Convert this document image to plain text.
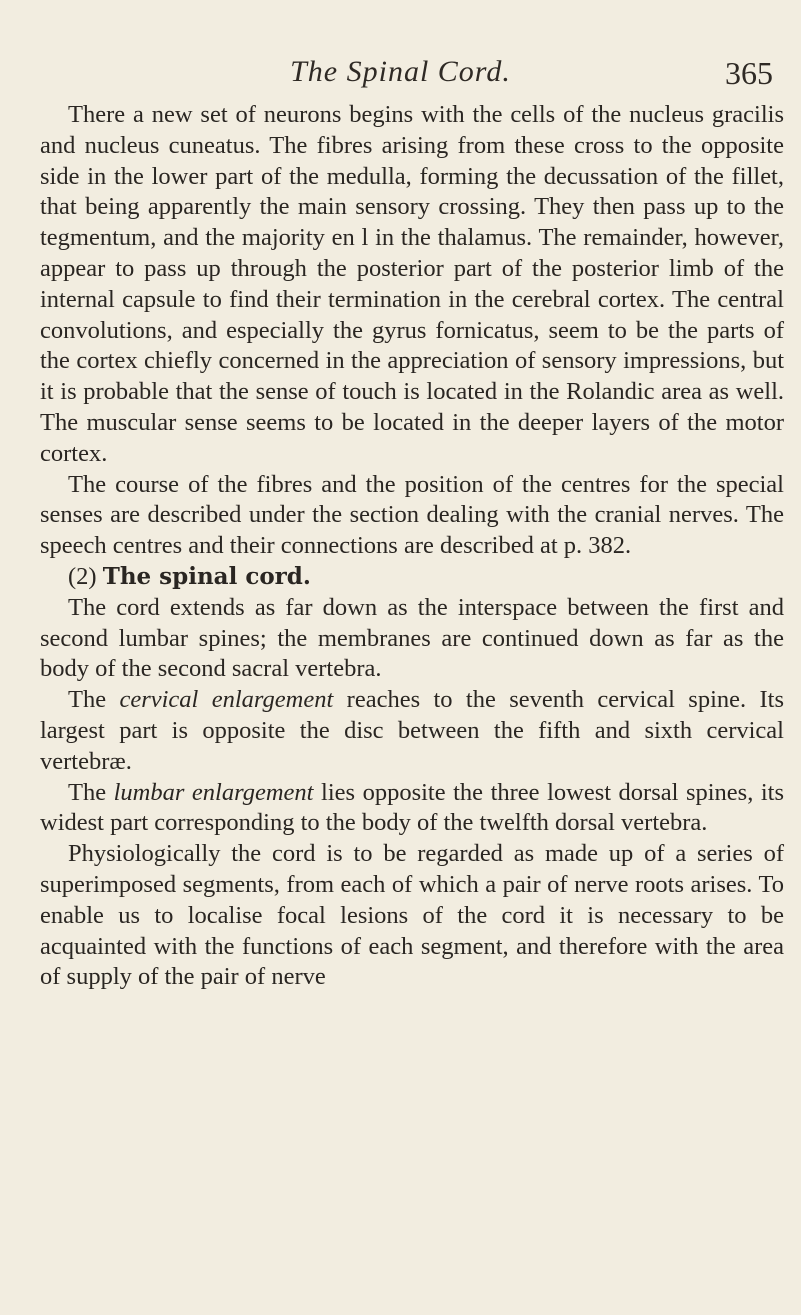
The Spinal Cord.	365

There a new set of neurons begins with the cells of the nucleus gracilis and nucleus cuneatus. The fibres arising from these cross to the opposite side in the lower part of the medulla, forming the decussation of the fillet, that being apparently the main sensory crossing. They then pass up to the tegmentum, and the majority en l in the thalamus. The remainder, however, appear to pass up through the posterior part of the posterior limb of the internal capsule to find their termination in the cerebral cortex. The central convolutions, and especially the gyrus fornicatus, seem to be the parts of the cortex chiefly concerned in the appreciation of sensory impressions, but it is probable that the sense of touch is located in the Rolandic area as well. The muscular sense seems to be located in the deeper layers of the motor cortex.

The course of the fibres and the position of the centres for the special senses are described under the section dealing with the cranial nerves. The speech centres and their connections are described at p. 382.

(2) The spinal cord.

The cord extends as far down as the interspace between the first and second lumbar spines; the membranes are continued down as far as the body of the second sacral vertebra.

The cervical enlargement reaches to the seventh cervical spine. Its largest part is opposite the disc between the fifth and sixth cervical vertebræ.

The lumbar enlargement lies opposite the three lowest dorsal spines, its widest part corresponding to the body of the twelfth dorsal vertebra.

Physiologically the cord is to be regarded as made up of a series of superimposed segments, from each of which a pair of nerve roots arises. To enable us to localise focal lesions of the cord it is necessary to be acquainted with the functions of each segment, and therefore with the area of supply of the pair of nerve
